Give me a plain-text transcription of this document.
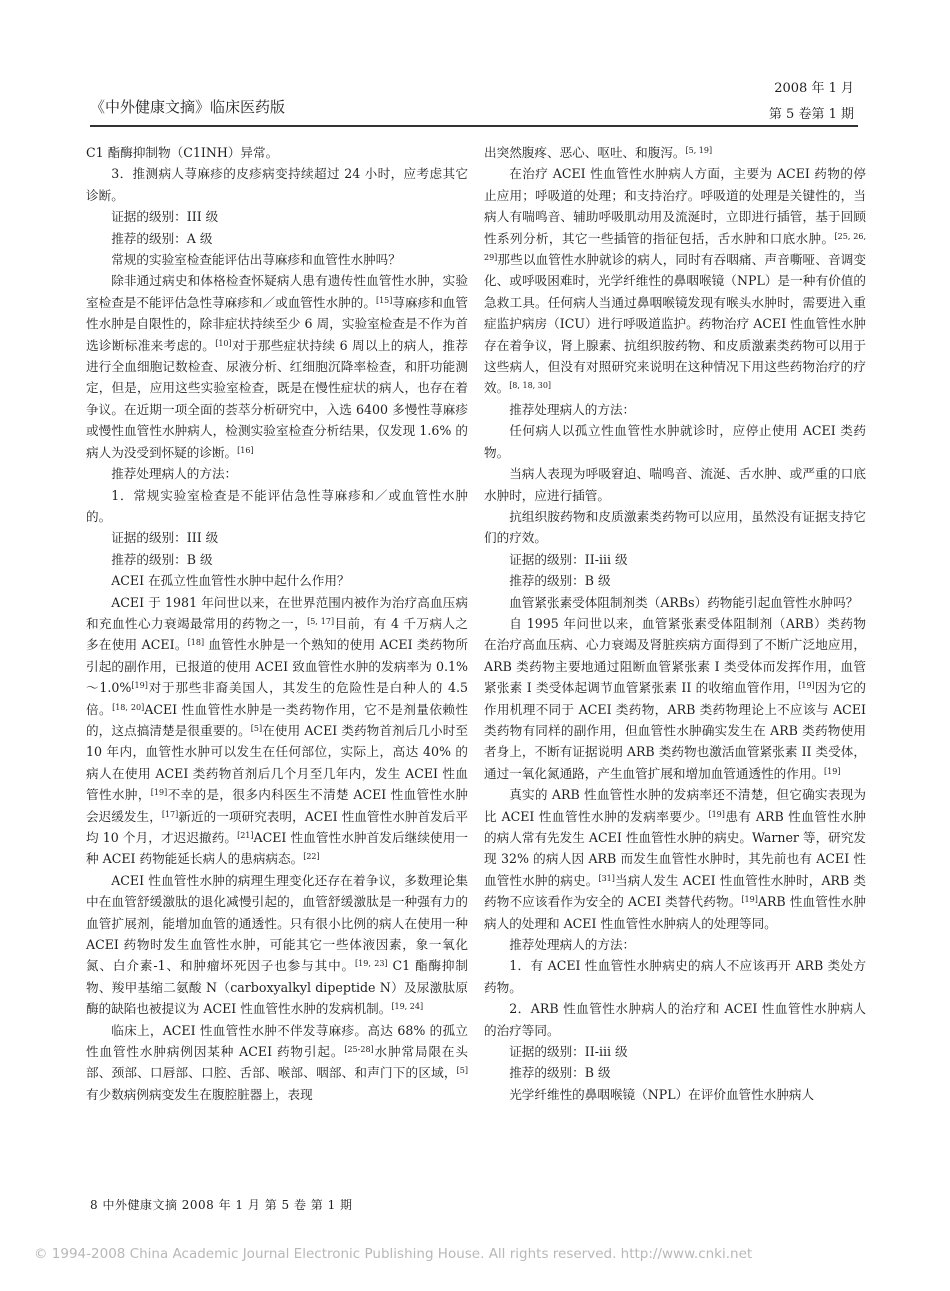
《中外健康文摘》临床医药版
2008 年 1 月
第 5 卷第 1 期

C1 酯酶抑制物（C1INH）异常。

3．推测病人荨麻疹的皮疹病变持续超过 24 小时，应考虑其它诊断。

证据的级别：III 级

推荐的级别：A 级

常规的实验室检查能评估出荨麻疹和血管性水肿吗？

除非通过病史和体格检查怀疑病人患有遗传性血管性水肿，实验室检查是不能评估急性荨麻疹和／或血管性水肿的。[15]荨麻疹和血管性水肿是自限性的，除非症状持续至少 6 周，实验室检查是不作为首选诊断标准来考虑的。[10]对于那些症状持续 6 周以上的病人，推荐进行全血细胞记数检查、尿液分析、红细胞沉降率检查，和肝功能测定，但是，应用这些实验室检查，既是在慢性症状的病人，也存在着争议。在近期一项全面的荟萃分析研究中，入选 6400 多慢性荨麻疹或慢性血管性水肿病人，检测实验室检查分析结果，仅发现 1.6% 的病人为没受到怀疑的诊断。[16]

推荐处理病人的方法：

1．常规实验室检查是不能评估急性荨麻疹和／或血管性水肿的。

证据的级别：III 级

推荐的级别：B 级

ACEI 在孤立性血管性水肿中起什么作用？

ACEI 于 1981 年问世以来，在世界范围内被作为治疗高血压病和充血性心力衰竭最常用的药物之一，[5, 17]目前，有 4 千万病人之多在使用 ACEI。[18] 血管性水肿是一个熟知的使用 ACEI 类药物所引起的副作用，已报道的使用 ACEI 致血管性水肿的发病率为 0.1%～1.0%[19]对于那些非裔美国人，其发生的危险性是白种人的 4.5 倍。[18, 20]ACEI 性血管性水肿是一类药物作用，它不是剂量依赖性的，这点搞清楚是很重要的。[5]在使用 ACEI 类药物首剂后几小时至 10 年内，血管性水肿可以发生在任何部位，实际上，高达 40% 的病人在使用 ACEI 类药物首剂后几个月至几年内，发生 ACEI 性血管性水肿，[19]不幸的是，很多内科医生不清楚 ACEI 性血管性水肿会迟缓发生，[17]新近的一项研究表明，ACEI 性血管性水肿首发后平均 10 个月，才迟迟撤药。[21]ACEI 性血管性水肿首发后继续使用一种 ACEI 药物能延长病人的患病病态。[22]

ACEI 性血管性水肿的病理生理变化还存在着争议，多数理论集中在血管舒缓激肽的退化减慢引起的，血管舒缓激肽是一种强有力的血管扩展剂，能增加血管的通透性。只有很小比例的病人在使用一种 ACEI 药物时发生血管性水肿，可能其它一些体液因素，象一氧化氮、白介素-1、和肿瘤坏死因子也参与其中。[19, 23] C1 酯酶抑制物、羧甲基缩二氨酸 N（carboxyalkyl dipeptide N）及尿激肽原酶的缺陷也被提议为 ACEI 性血管性水肿的发病机制。[19, 24]

临床上，ACEI 性血管性水肿不伴发荨麻疹。高达 68% 的孤立性血管性水肿病例因某种 ACEI 药物引起。[25-28]水肿常局限在头部、颈部、口唇部、口腔、舌部、喉部、咽部、和声门下的区域，[5]有少数病例病变发生在腹腔脏器上，表现

出突然腹疼、恶心、呕吐、和腹泻。[5, 19]

在治疗 ACEI 性血管性水肿病人方面，主要为 ACEI 药物的停止应用；呼吸道的处理；和支持治疗。呼吸道的处理是关键性的，当病人有喘鸣音、辅助呼吸肌动用及流涎时，立即进行插管，基于回顾性系列分析，其它一些插管的指征包括，舌水肿和口底水肿。[25, 26, 29]那些以血管性水肿就诊的病人，同时有吞咽痛、声音嘶哑、音调变化、或呼吸困难时，光学纤维性的鼻咽喉镜（NPL）是一种有价值的急救工具。任何病人当通过鼻咽喉镜发现有喉头水肿时，需要进入重症监护病房（ICU）进行呼吸道监护。药物治疗 ACEI 性血管性水肿存在着争议，肾上腺素、抗组织胺药物、和皮质激素类药物可以用于这些病人，但没有对照研究来说明在这种情况下用这些药物治疗的疗效。[8, 18, 30]

推荐处理病人的方法：

任何病人以孤立性血管性水肿就诊时，应停止使用 ACEI 类药物。

当病人表现为呼吸窘迫、喘鸣音、流涎、舌水肿、或严重的口底水肿时，应进行插管。

抗组织胺药物和皮质激素类药物可以应用，虽然没有证据支持它们的疗效。

证据的级别：II-iii 级

推荐的级别：B 级

血管紧张素受体阻制剂类（ARBs）药物能引起血管性水肿吗？

自 1995 年问世以来，血管紧张素受体阻制剂（ARB）类药物在治疗高血压病、心力衰竭及肾脏疾病方面得到了不断广泛地应用，ARB 类药物主要地通过阻断血管紧张素 I 类受体而发挥作用，血管紧张素 I 类受体起调节血管紧张素 II 的收缩血管作用，[19]因为它的作用机理不同于 ACEI 类药物，ARB 类药物理论上不应该与 ACEI 类药物有同样的副作用，但血管性水肿确实发生在 ARB 类药物使用者身上，不断有证据说明 ARB 类药物也激活血管紧张素 II 类受体，通过一氧化氮通路，产生血管扩展和增加血管通透性的作用。[19]

真实的 ARB 性血管性水肿的发病率还不清楚，但它确实表现为比 ACEI 性血管性水肿的发病率要少。[19]患有 ARB 性血管性水肿的病人常有先发生 ACEI 性血管性水肿的病史。Warner 等，研究发现 32% 的病人因 ARB 而发生血管性水肿时，其先前也有 ACEI 性血管性水肿的病史。[31]当病人发生 ACEI 性血管性水肿时，ARB 类药物不应该看作为安全的 ACEI 类替代药物。[19]ARB 性血管性水肿病人的处理和 ACEI 性血管性水肿病人的处理等同。

推荐处理病人的方法：

1．有 ACEI 性血管性水肿病史的病人不应该再开 ARB 类处方药物。

2．ARB 性血管性水肿病人的治疗和 ACEI 性血管性水肿病人的治疗等同。

证据的级别：II-iii 级

推荐的级别：B 级

光学纤维性的鼻咽喉镜（NPL）在评价血管性水肿病人

8 中外健康文摘 2008 年 1 月 第 5 卷 第 1 期
© 1994-2008 China Academic Journal Electronic Publishing House. All rights reserved. http://www.cnki.net
